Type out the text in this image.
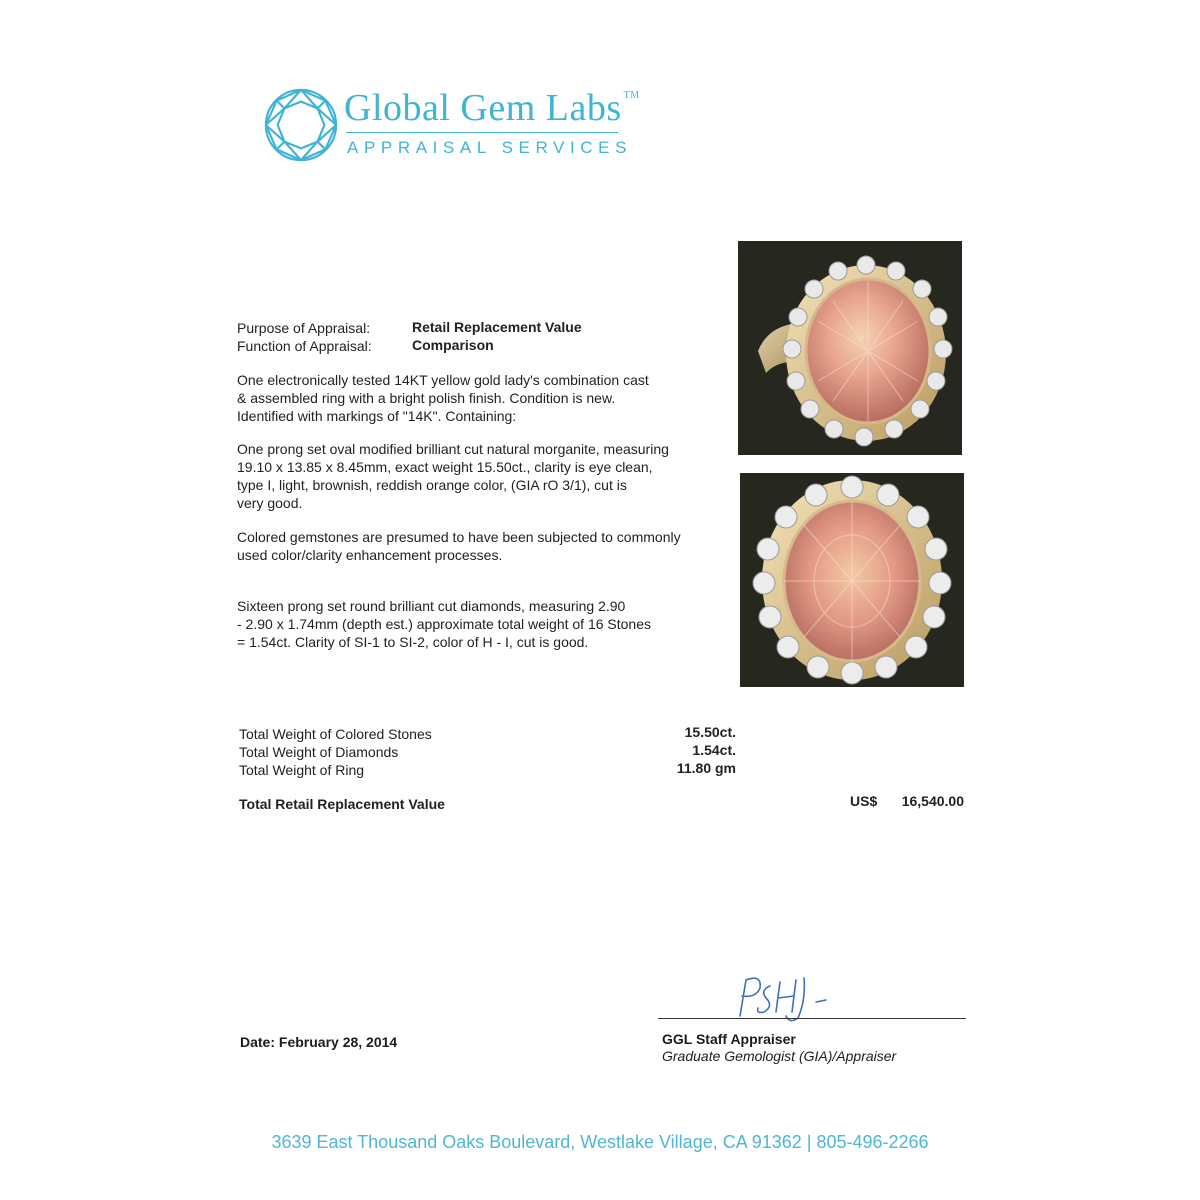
Global Gem Labs ™
APPRAISAL SERVICES
Purpose of Appraisal:	Retail Replacement Value
Function of Appraisal:	Comparison
One electronically tested 14KT yellow gold lady's combination cast
& assembled ring with a bright polish finish. Condition is new.
Identified with markings of "14K". Containing:
One prong set oval modified brilliant cut natural morganite, measuring
19.10 x 13.85 x 8.45mm, exact weight 15.50ct., clarity is eye clean,
type I, light, brownish, reddish orange color, (GIA rO 3/1), cut is
very good.
Colored gemstones are presumed to have been subjected to commonly
used color/clarity enhancement processes.
Sixteen prong set round brilliant cut diamonds, measuring 2.90
- 2.90 x 1.74mm (depth est.) approximate total weight of 16 Stones
= 1.54ct. Clarity of SI-1 to SI-2, color of H - I, cut is good.
Total Weight of Colored Stones	15.50ct.
Total Weight of Diamonds	1.54ct.
Total Weight of Ring	11.80 gm
Total Retail Replacement Value	US$	16,540.00
Date: February 28, 2014	GGL Staff Appraiser
Graduate Gemologist (GIA)/Appraiser
3639 East Thousand Oaks Boulevard, Westlake Village, CA 91362 | 805-496-2266
